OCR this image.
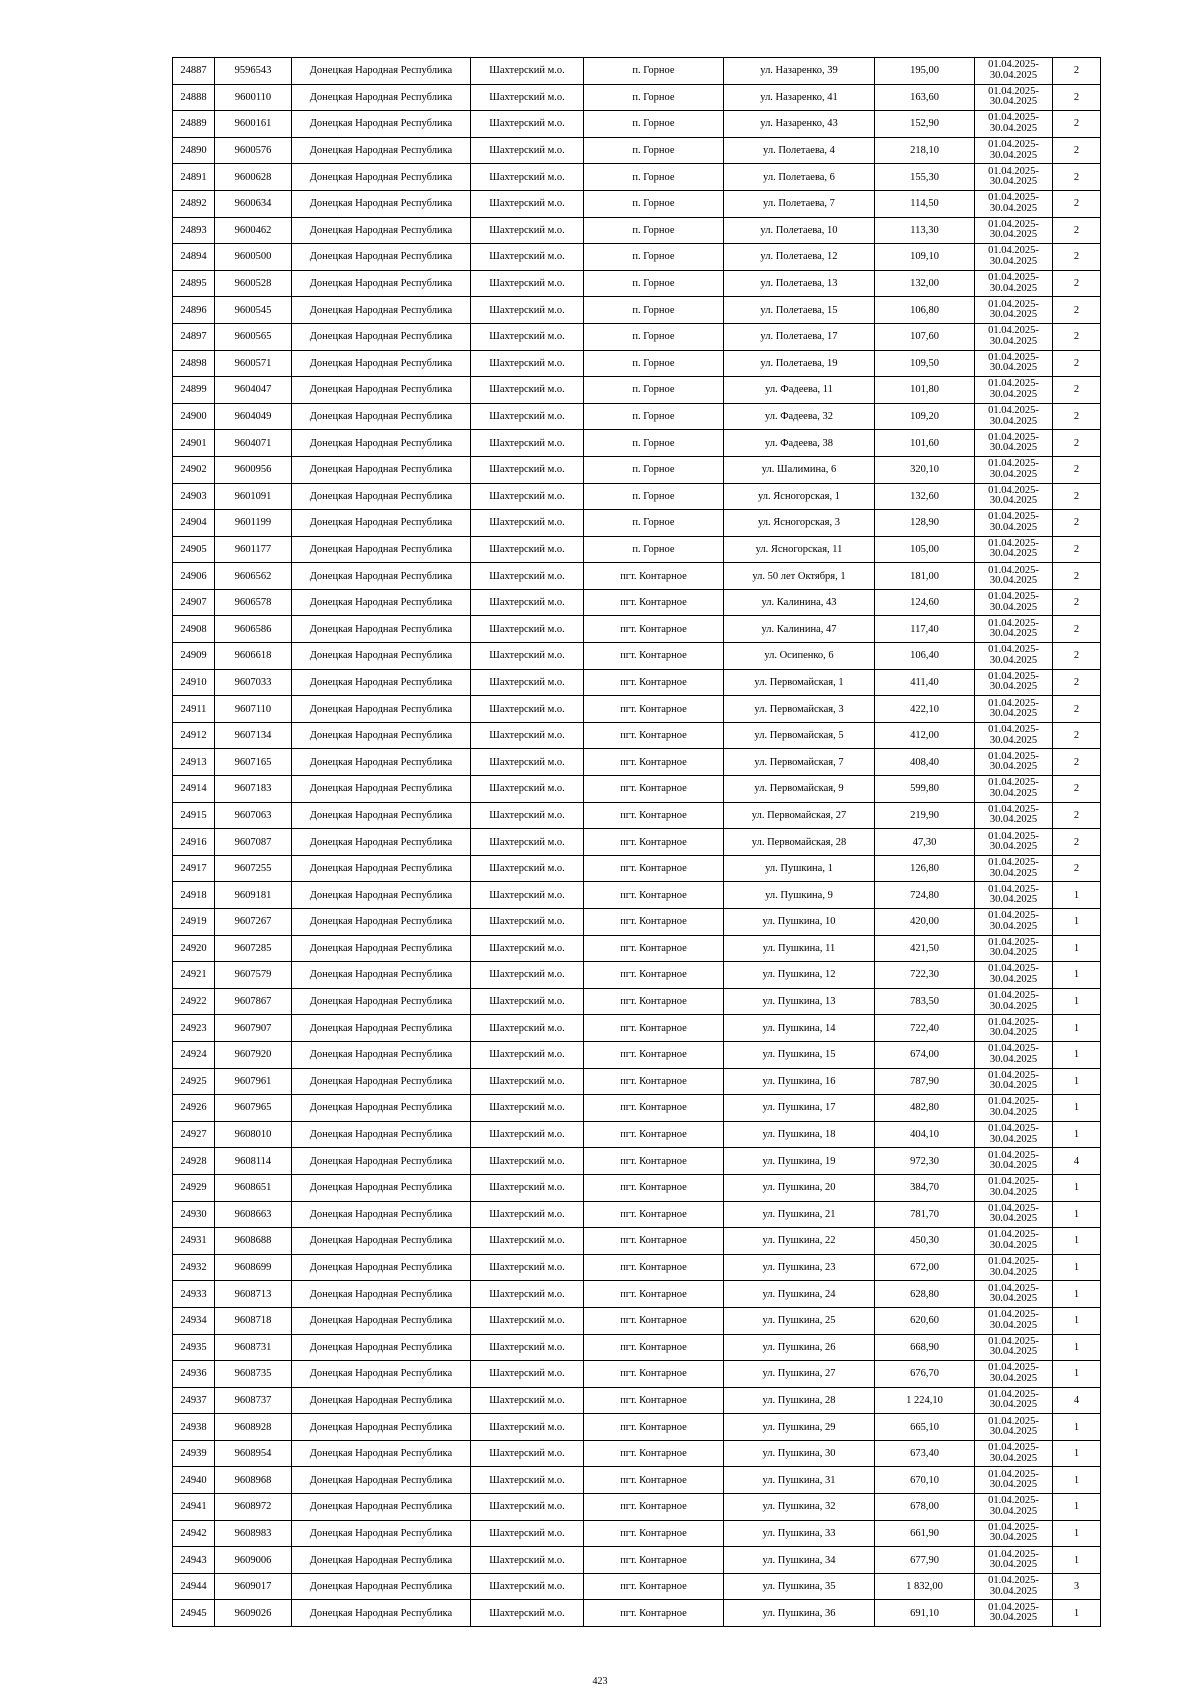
24887	9596543	Донецкая Народная Республика	Шахтерский м.о.	п. Горное	ул. Назаренко, 39	195,00	01.04.2025-30.04.2025	2
24888	9600110	Донецкая Народная Республика	Шахтерский м.о.	п. Горное	ул. Назаренко, 41	163,60	01.04.2025-30.04.2025	2
24889	9600161	Донецкая Народная Республика	Шахтерский м.о.	п. Горное	ул. Назаренко, 43	152,90	01.04.2025-30.04.2025	2
24890	9600576	Донецкая Народная Республика	Шахтерский м.о.	п. Горное	ул. Полетаева, 4	218,10	01.04.2025-30.04.2025	2
24891	9600628	Донецкая Народная Республика	Шахтерский м.о.	п. Горное	ул. Полетаева, 6	155,30	01.04.2025-30.04.2025	2
24892	9600634	Донецкая Народная Республика	Шахтерский м.о.	п. Горное	ул. Полетаева, 7	114,50	01.04.2025-30.04.2025	2
24893	9600462	Донецкая Народная Республика	Шахтерский м.о.	п. Горное	ул. Полетаева, 10	113,30	01.04.2025-30.04.2025	2
24894	9600500	Донецкая Народная Республика	Шахтерский м.о.	п. Горное	ул. Полетаева, 12	109,10	01.04.2025-30.04.2025	2
24895	9600528	Донецкая Народная Республика	Шахтерский м.о.	п. Горное	ул. Полетаева, 13	132,00	01.04.2025-30.04.2025	2
24896	9600545	Донецкая Народная Республика	Шахтерский м.о.	п. Горное	ул. Полетаева, 15	106,80	01.04.2025-30.04.2025	2
24897	9600565	Донецкая Народная Республика	Шахтерский м.о.	п. Горное	ул. Полетаева, 17	107,60	01.04.2025-30.04.2025	2
24898	9600571	Донецкая Народная Республика	Шахтерский м.о.	п. Горное	ул. Полетаева, 19	109,50	01.04.2025-30.04.2025	2
24899	9604047	Донецкая Народная Республика	Шахтерский м.о.	п. Горное	ул. Фадеева, 11	101,80	01.04.2025-30.04.2025	2
24900	9604049	Донецкая Народная Республика	Шахтерский м.о.	п. Горное	ул. Фадеева, 32	109,20	01.04.2025-30.04.2025	2
24901	9604071	Донецкая Народная Республика	Шахтерский м.о.	п. Горное	ул. Фадеева, 38	101,60	01.04.2025-30.04.2025	2
24902	9600956	Донецкая Народная Республика	Шахтерский м.о.	п. Горное	ул. Шалимина, 6	320,10	01.04.2025-30.04.2025	2
24903	9601091	Донецкая Народная Республика	Шахтерский м.о.	п. Горное	ул. Ясногорская, 1	132,60	01.04.2025-30.04.2025	2
24904	9601199	Донецкая Народная Республика	Шахтерский м.о.	п. Горное	ул. Ясногорская, 3	128,90	01.04.2025-30.04.2025	2
24905	9601177	Донецкая Народная Республика	Шахтерский м.о.	п. Горное	ул. Ясногорская, 11	105,00	01.04.2025-30.04.2025	2
24906	9606562	Донецкая Народная Республика	Шахтерский м.о.	пгт. Контарное	ул. 50 лет Октября, 1	181,00	01.04.2025-30.04.2025	2
24907	9606578	Донецкая Народная Республика	Шахтерский м.о.	пгт. Контарное	ул. Калинина, 43	124,60	01.04.2025-30.04.2025	2
24908	9606586	Донецкая Народная Республика	Шахтерский м.о.	пгт. Контарное	ул. Калинина, 47	117,40	01.04.2025-30.04.2025	2
24909	9606618	Донецкая Народная Республика	Шахтерский м.о.	пгт. Контарное	ул. Осипенко, 6	106,40	01.04.2025-30.04.2025	2
24910	9607033	Донецкая Народная Республика	Шахтерский м.о.	пгт. Контарное	ул. Первомайская, 1	411,40	01.04.2025-30.04.2025	2
24911	9607110	Донецкая Народная Республика	Шахтерский м.о.	пгт. Контарное	ул. Первомайская, 3	422,10	01.04.2025-30.04.2025	2
24912	9607134	Донецкая Народная Республика	Шахтерский м.о.	пгт. Контарное	ул. Первомайская, 5	412,00	01.04.2025-30.04.2025	2
24913	9607165	Донецкая Народная Республика	Шахтерский м.о.	пгт. Контарное	ул. Первомайская, 7	408,40	01.04.2025-30.04.2025	2
24914	9607183	Донецкая Народная Республика	Шахтерский м.о.	пгт. Контарное	ул. Первомайская, 9	599,80	01.04.2025-30.04.2025	2
24915	9607063	Донецкая Народная Республика	Шахтерский м.о.	пгт. Контарное	ул. Первомайская, 27	219,90	01.04.2025-30.04.2025	2
24916	9607087	Донецкая Народная Республика	Шахтерский м.о.	пгт. Контарное	ул. Первомайская, 28	47,30	01.04.2025-30.04.2025	2
24917	9607255	Донецкая Народная Республика	Шахтерский м.о.	пгт. Контарное	ул. Пушкина, 1	126,80	01.04.2025-30.04.2025	2
24918	9609181	Донецкая Народная Республика	Шахтерский м.о.	пгт. Контарное	ул. Пушкина, 9	724,80	01.04.2025-30.04.2025	1
24919	9607267	Донецкая Народная Республика	Шахтерский м.о.	пгт. Контарное	ул. Пушкина, 10	420,00	01.04.2025-30.04.2025	1
24920	9607285	Донецкая Народная Республика	Шахтерский м.о.	пгт. Контарное	ул. Пушкина, 11	421,50	01.04.2025-30.04.2025	1
24921	9607579	Донецкая Народная Республика	Шахтерский м.о.	пгт. Контарное	ул. Пушкина, 12	722,30	01.04.2025-30.04.2025	1
24922	9607867	Донецкая Народная Республика	Шахтерский м.о.	пгт. Контарное	ул. Пушкина, 13	783,50	01.04.2025-30.04.2025	1
24923	9607907	Донецкая Народная Республика	Шахтерский м.о.	пгт. Контарное	ул. Пушкина, 14	722,40	01.04.2025-30.04.2025	1
24924	9607920	Донецкая Народная Республика	Шахтерский м.о.	пгт. Контарное	ул. Пушкина, 15	674,00	01.04.2025-30.04.2025	1
24925	9607961	Донецкая Народная Республика	Шахтерский м.о.	пгт. Контарное	ул. Пушкина, 16	787,90	01.04.2025-30.04.2025	1
24926	9607965	Донецкая Народная Республика	Шахтерский м.о.	пгт. Контарное	ул. Пушкина, 17	482,80	01.04.2025-30.04.2025	1
24927	9608010	Донецкая Народная Республика	Шахтерский м.о.	пгт. Контарное	ул. Пушкина, 18	404,10	01.04.2025-30.04.2025	1
24928	9608114	Донецкая Народная Республика	Шахтерский м.о.	пгт. Контарное	ул. Пушкина, 19	972,30	01.04.2025-30.04.2025	4
24929	9608651	Донецкая Народная Республика	Шахтерский м.о.	пгт. Контарное	ул. Пушкина, 20	384,70	01.04.2025-30.04.2025	1
24930	9608663	Донецкая Народная Республика	Шахтерский м.о.	пгт. Контарное	ул. Пушкина, 21	781,70	01.04.2025-30.04.2025	1
24931	9608688	Донецкая Народная Республика	Шахтерский м.о.	пгт. Контарное	ул. Пушкина, 22	450,30	01.04.2025-30.04.2025	1
24932	9608699	Донецкая Народная Республика	Шахтерский м.о.	пгт. Контарное	ул. Пушкина, 23	672,00	01.04.2025-30.04.2025	1
24933	9608713	Донецкая Народная Республика	Шахтерский м.о.	пгт. Контарное	ул. Пушкина, 24	628,80	01.04.2025-30.04.2025	1
24934	9608718	Донецкая Народная Республика	Шахтерский м.о.	пгт. Контарное	ул. Пушкина, 25	620,60	01.04.2025-30.04.2025	1
24935	9608731	Донецкая Народная Республика	Шахтерский м.о.	пгт. Контарное	ул. Пушкина, 26	668,90	01.04.2025-30.04.2025	1
24936	9608735	Донецкая Народная Республика	Шахтерский м.о.	пгт. Контарное	ул. Пушкина, 27	676,70	01.04.2025-30.04.2025	1
24937	9608737	Донецкая Народная Республика	Шахтерский м.о.	пгт. Контарное	ул. Пушкина, 28	1 224,10	01.04.2025-30.04.2025	4
24938	9608928	Донецкая Народная Республика	Шахтерский м.о.	пгт. Контарное	ул. Пушкина, 29	665,10	01.04.2025-30.04.2025	1
24939	9608954	Донецкая Народная Республика	Шахтерский м.о.	пгт. Контарное	ул. Пушкина, 30	673,40	01.04.2025-30.04.2025	1
24940	9608968	Донецкая Народная Республика	Шахтерский м.о.	пгт. Контарное	ул. Пушкина, 31	670,10	01.04.2025-30.04.2025	1
24941	9608972	Донецкая Народная Республика	Шахтерский м.о.	пгт. Контарное	ул. Пушкина, 32	678,00	01.04.2025-30.04.2025	1
24942	9608983	Донецкая Народная Республика	Шахтерский м.о.	пгт. Контарное	ул. Пушкина, 33	661,90	01.04.2025-30.04.2025	1
24943	9609006	Донецкая Народная Республика	Шахтерский м.о.	пгт. Контарное	ул. Пушкина, 34	677,90	01.04.2025-30.04.2025	1
24944	9609017	Донецкая Народная Республика	Шахтерский м.о.	пгт. Контарное	ул. Пушкина, 35	1 832,00	01.04.2025-30.04.2025	3
24945	9609026	Донецкая Народная Республика	Шахтерский м.о.	пгт. Контарное	ул. Пушкина, 36	691,10	01.04.2025-30.04.2025	1
423
